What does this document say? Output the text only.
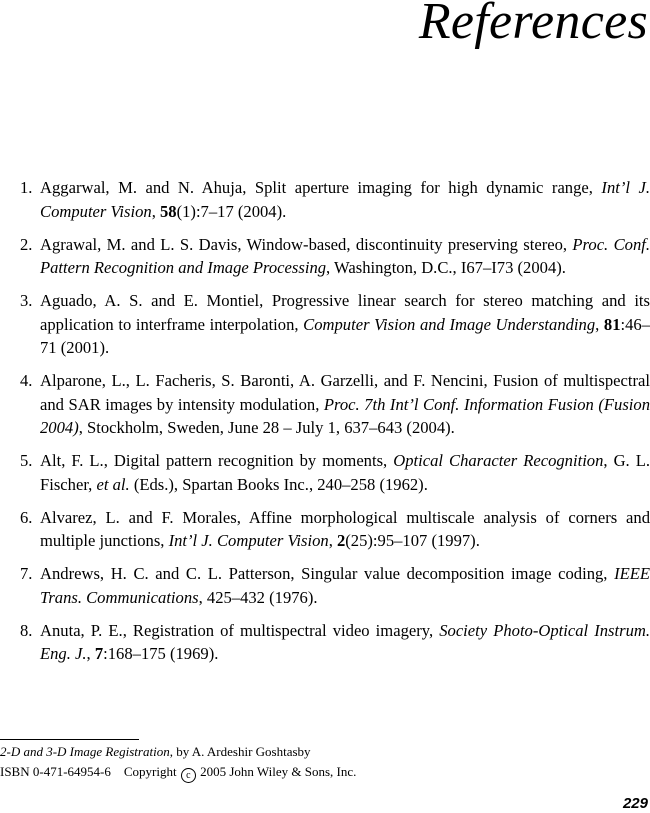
References
1. Aggarwal, M. and N. Ahuja, Split aperture imaging for high dynamic range, Int’l J. Computer Vision, 58(1):7–17 (2004).
2. Agrawal, M. and L. S. Davis, Window-based, discontinuity preserving stereo, Proc. Conf. Pattern Recognition and Image Processing, Washington, D.C., I67–I73 (2004).
3. Aguado, A. S. and E. Montiel, Progressive linear search for stereo matching and its application to interframe interpolation, Computer Vision and Image Understanding, 81:46–71 (2001).
4. Alparone, L., L. Facheris, S. Baronti, A. Garzelli, and F. Nencini, Fusion of multispectral and SAR images by intensity modulation, Proc. 7th Int’l Conf. Information Fusion (Fusion 2004), Stockholm, Sweden, June 28 – July 1, 637–643 (2004).
5. Alt, F. L., Digital pattern recognition by moments, Optical Character Recognition, G. L. Fischer, et al. (Eds.), Spartan Books Inc., 240–258 (1962).
6. Alvarez, L. and F. Morales, Affine morphological multiscale analysis of corners and multiple junctions, Int’l J. Computer Vision, 2(25):95–107 (1997).
7. Andrews, H. C. and C. L. Patterson, Singular value decomposition image coding, IEEE Trans. Communications, 425–432 (1976).
8. Anuta, P. E., Registration of multispectral video imagery, Society Photo-Optical Instrum. Eng. J., 7:168–175 (1969).
2-D and 3-D Image Registration, by A. Ardeshir Goshtasby
ISBN 0-471-64954-6 Copyright c 2005 John Wiley & Sons, Inc.
229
